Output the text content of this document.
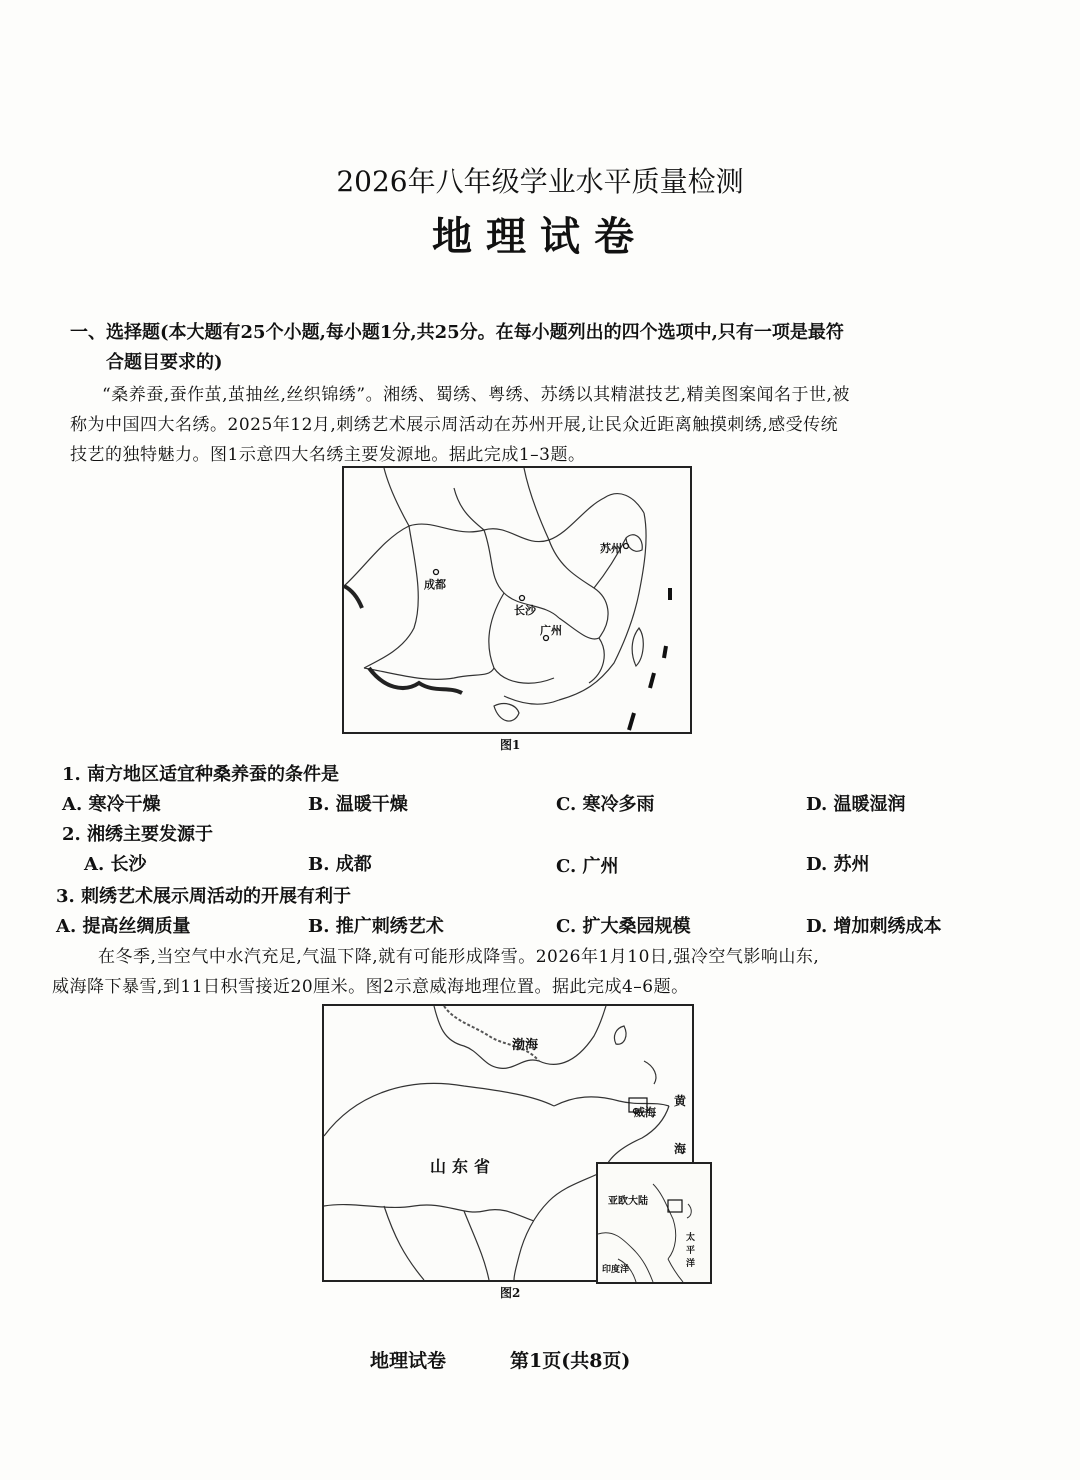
2026年八年级学业水平质量检测
地理试卷
一、选择题(本大题有25个小题,每小题1分,共25分。在每小题列出的四个选项中,只有一项是最符
合题目要求的)
“桑养蚕,蚕作茧,茧抽丝,丝织锦绣”。湘绣、蜀绣、粤绣、苏绣以其精湛技艺,精美图案闻名于世,被
称为中国四大名绣。2025年12月,刺绣艺术展示周活动在苏州开展,让民众近距离触摸刺绣,感受传统
技艺的独特魅力。图1示意四大名绣主要发源地。据此完成1–3题。
成都
长沙
广州
苏州
图1
1. 南方地区适宜种桑养蚕的条件是
A. 寒冷干燥	B. 温暖干燥	C. 寒冷多雨	D. 温暖湿润
2. 湘绣主要发源于
A. 长沙	B. 成都	C. 广州	D. 苏州
3. 刺绣艺术展示周活动的开展有利于
A. 提高丝绸质量	B. 推广刺绣艺术	C. 扩大桑园规模	D. 增加刺绣成本
在冬季,当空气中水汽充足,气温下降,就有可能形成降雪。2026年1月10日,强冷空气影响山东,
威海降下暴雪,到11日积雪接近20厘米。图2示意威海地理位置。据此完成4–6题。
渤海
威海
山东省
黄
海
亚欧大陆
太平洋
印度洋
图2
地理试卷	第1页(共8页)
